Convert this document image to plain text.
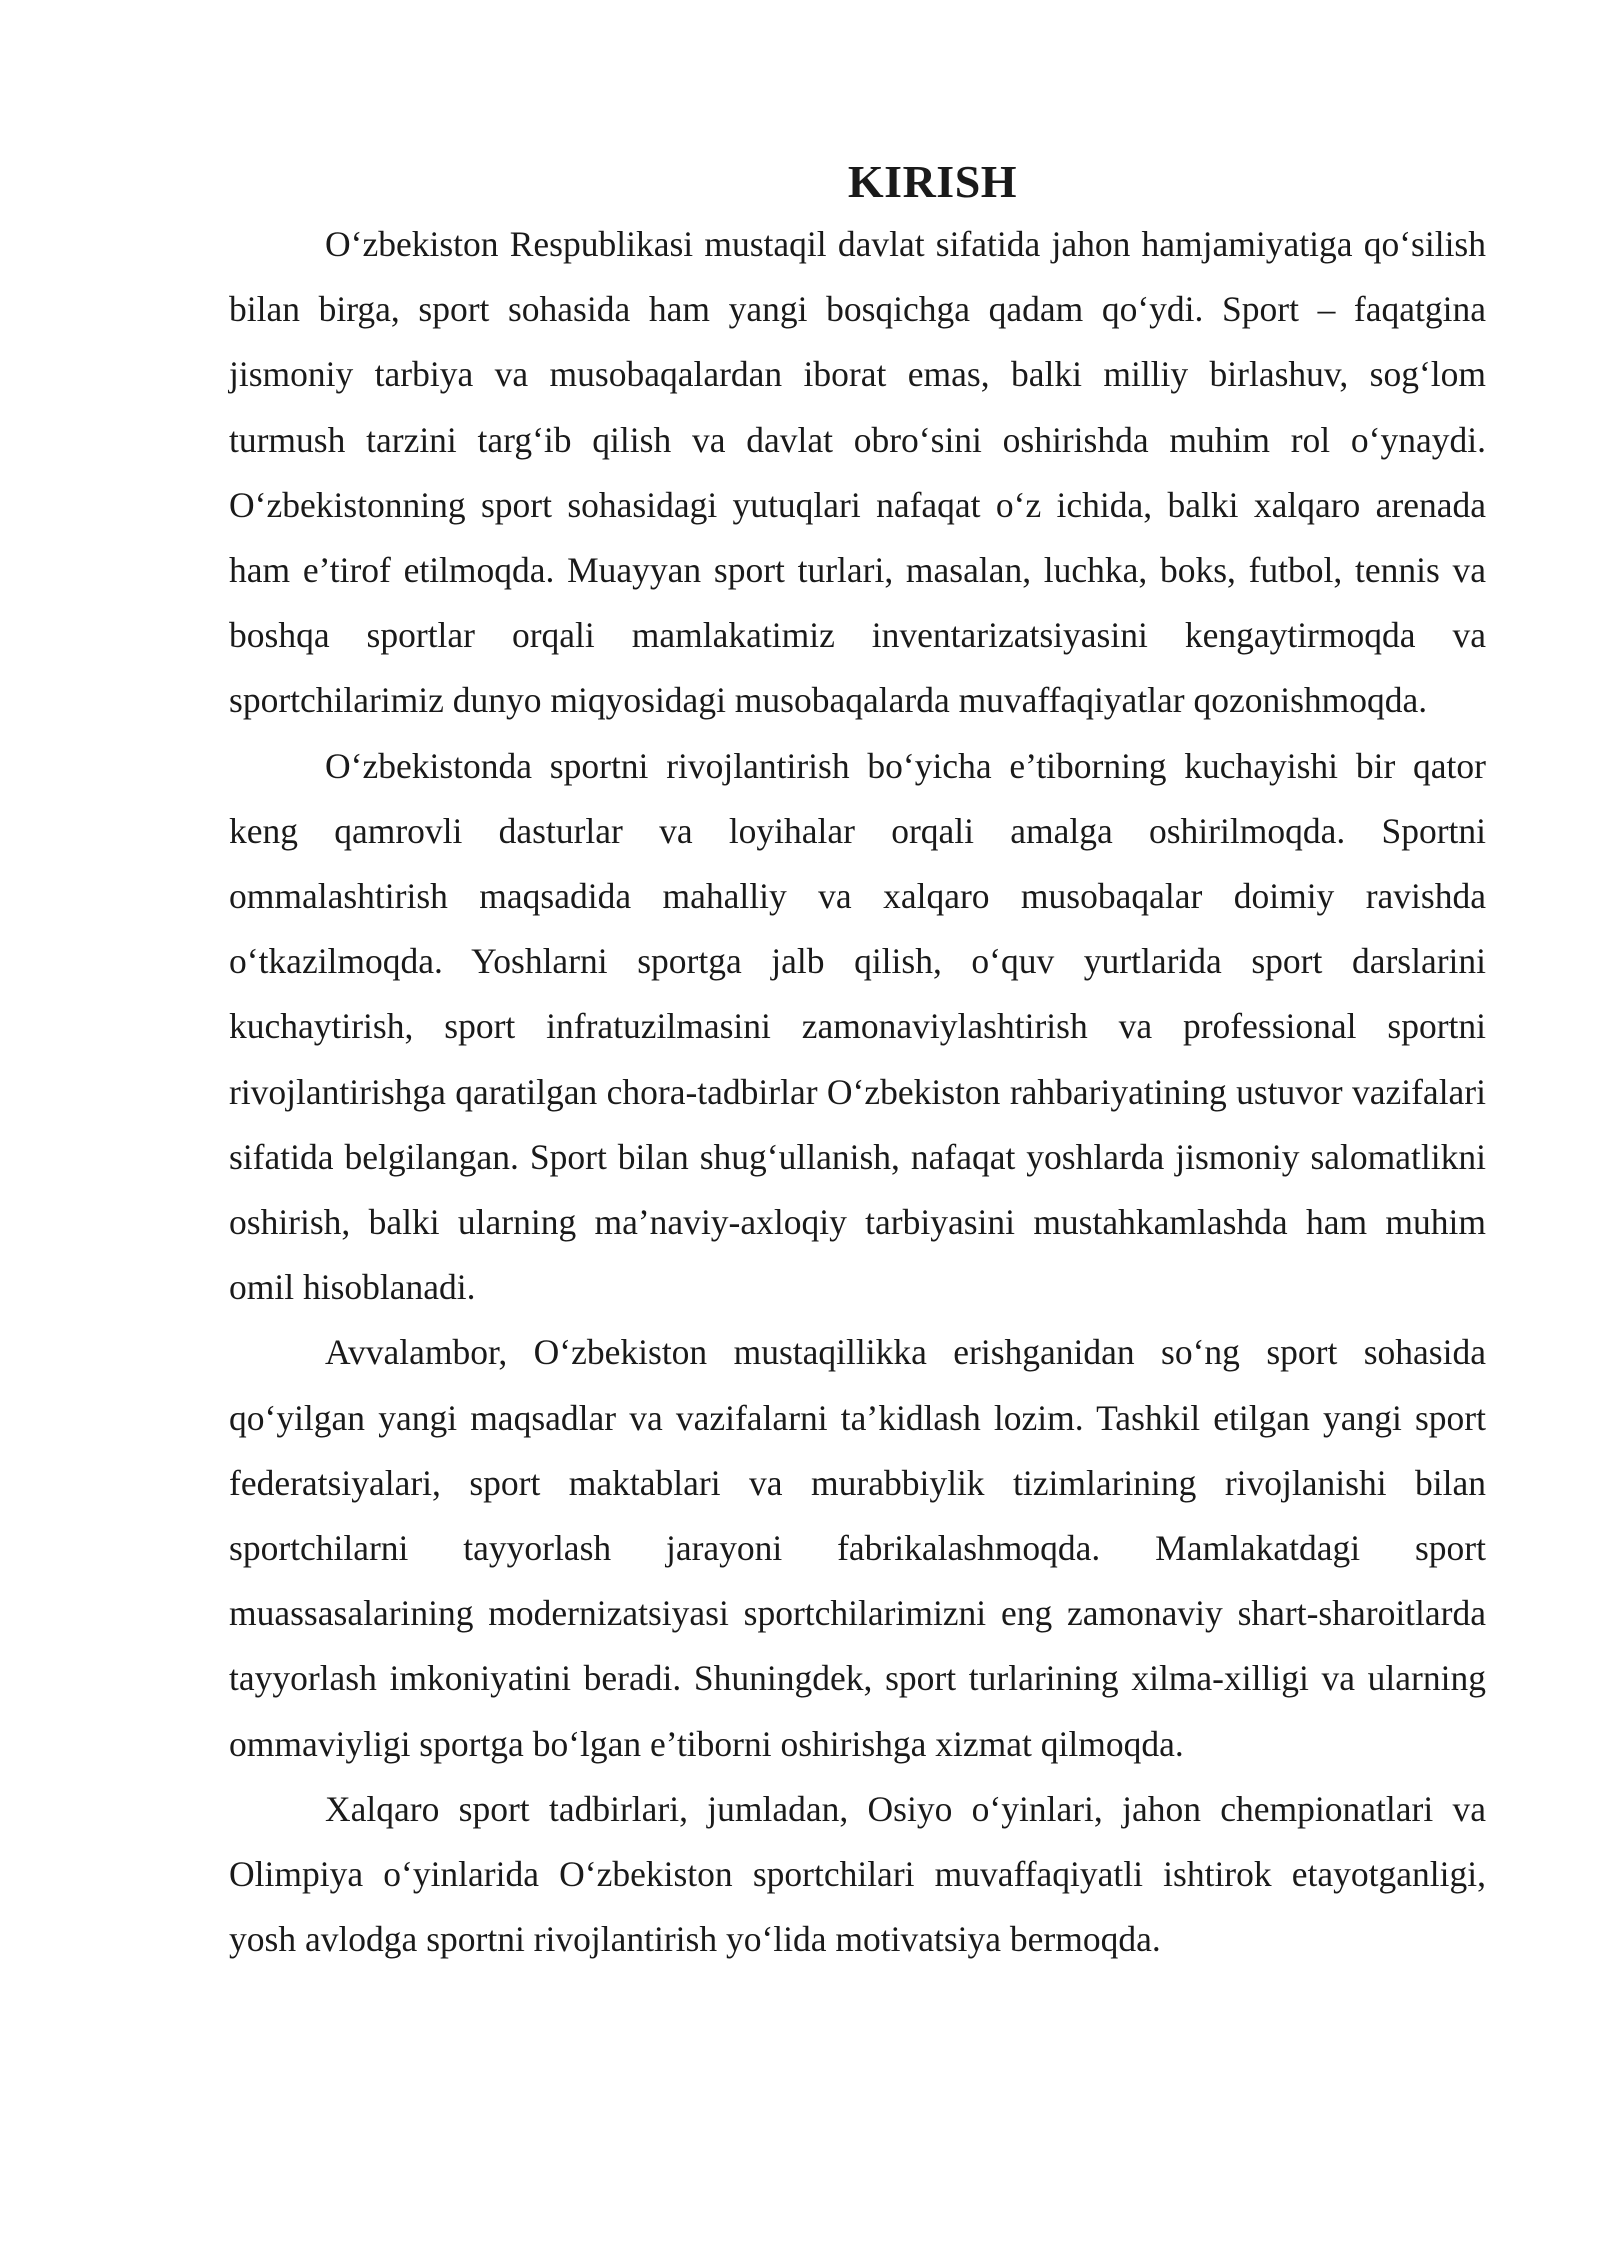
KIRISH

O‘zbekiston Respublikasi mustaqil davlat sifatida jahon hamjamiyatiga qo‘silish bilan birga, sport sohasida ham yangi bosqichga qadam qo‘ydi. Sport – faqatgina jismoniy tarbiya va musobaqalardan iborat emas, balki milliy birlashuv, sog‘lom turmush tarzini targ‘ib qilish va davlat obro‘sini oshirishda muhim rol o‘ynaydi. O‘zbekistonning sport sohasidagi yutuqlari nafaqat o‘z ichida, balki xalqaro arenada ham e’tirof etilmoqda. Muayyan sport turlari, masalan, luchka, boks, futbol, tennis va boshqa sportlar orqali mamlakatimiz inventarizatsiyasini kengaytirmoqda va sportchilarimiz dunyo miqyosidagi musobaqalarda muvaffaqiyatlar qozonishmoqda.

O‘zbekistonda sportni rivojlantirish bo‘yicha e’tiborning kuchayishi bir qator keng qamrovli dasturlar va loyihalar orqali amalga oshirilmoqda. Sportni ommalashtirish maqsadida mahalliy va xalqaro musobaqalar doimiy ravishda o‘tkazilmoqda. Yoshlarni sportga jalb qilish, o‘quv yurtlarida sport darslarini kuchaytirish, sport infratuzilmasini zamonaviylashtirish va professional sportni rivojlantirishga qaratilgan chora-tadbirlar O‘zbekiston rahbariyatining ustuvor vazifalari sifatida belgilangan. Sport bilan shug‘ullanish, nafaqat yoshlarda jismoniy salomatlikni oshirish, balki ularning ma’naviy-axloqiy tarbiyasini mustahkamlashda ham muhim omil hisoblanadi.

Avvalambor, O‘zbekiston mustaqillikka erishganidan so‘ng sport sohasida qo‘yilgan yangi maqsadlar va vazifalarni ta’kidlash lozim. Tashkil etilgan yangi sport federatsiyalari, sport maktablari va murabbiylik tizimlarining rivojlanishi bilan sportchilarni tayyorlash jarayoni fabrikalashmoqda. Mamlakatdagi sport muassasalarining modernizatsiyasi sportchilarimizni eng zamonaviy shart-sharoitlarda tayyorlash imkoniyatini beradi. Shuningdek, sport turlarining xilma-xilligi va ularning ommaviyligi sportga bo‘lgan e’tiborni oshirishga xizmat qilmoqda.

Xalqaro sport tadbirlari, jumladan, Osiyo o‘yinlari, jahon chempionatlari va Olimpiya o‘yinlarida O‘zbekiston sportchilari muvaffaqiyatli ishtirok etayotganligi, yosh avlodga sportni rivojlantirish yo‘lida motivatsiya bermoqda.
